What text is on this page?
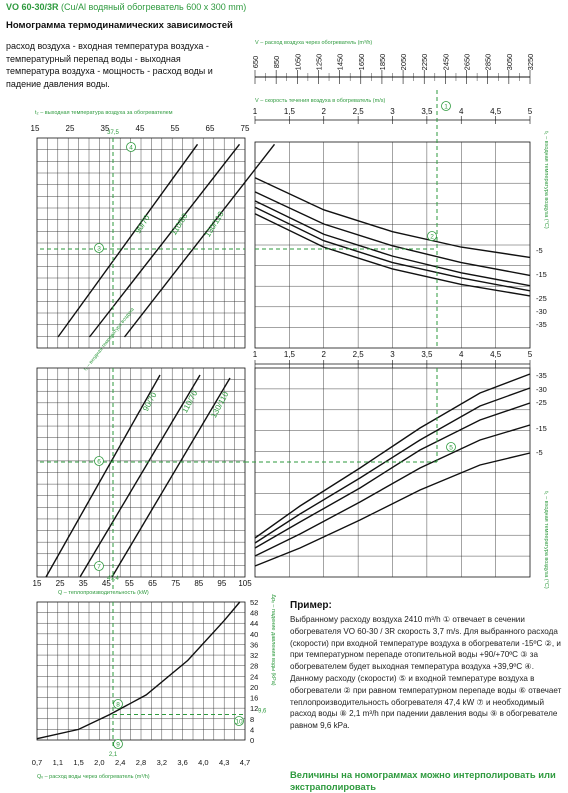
VO 60-30/3R (Cu/Al водяный обогреватель 600 x 300 mm)
Номограмма термодинамических зависимостей
расход воздуха - входная температура воздуха - температурный перепад воды - выходная температура воздуха - мощность - расход воды и падение давления воды.
V – расход воздуха через обогреватель (m³/h)
650 850 1050 1250 1450 1650 1850 2050 2250 2450 2650 2850 3050 3250
V – скорость течения воздуха в обогреватель (m/s)
1	1,5	2	2,5	3	3,5	4	4,5	5
t₂ – выходная температура воздуха за обогревателем
15	25	35	45	55	65	75
90/70 110/80 130/110
t₁ – входная температура воздуха
37,5
-5
-15
-25
-30
-35
t₁ – входная температура воздуха (°C)
1	1,5	2	2,5	3	3,5	4	4,5	5
90/70	110/70 130/110
15 25 35 45 55 65 75 85 95 105
47,4
Q – теплопроизводительность (kW)
-35
-30
-25
-15
-5
t₁ – входная температура воздуха (°C)
52
48
44
40
36
32
28
24
20
16
12
8
4
0
0,7 1,1 1,5 2,0 2,4 2,8 3,2 3,6 4,0 4,3 4,7
Qᵥ – расход воды через обогреватель (m³/h)
Δpᵥ – падение давления воды (kPa)
2,1
9,6
1
3
2
4
5
6
7
8
9
10
Пример:
Выбранному расходу воздуха 2410 m³/h ① отвечает в сечении обогревателя VO 60-30 / 3R скорость 3,7 m/s. Для выбранного расхода (скорости) при входной температуре воздуха в обогреватели -15ºC ②, и при температурном перепаде отопительной воды +90/+70ºC ③ за обогревателем будет выходная температура воздуха +39,9ºC ④. Данному расходу (скорости) ⑤ и входной температуре воздуха в обогреватели ② при равном температурном перепаде воды ⑥ отвечает теплопроизводительность обогревателя 47,4 kW ⑦ и необходимый расход воды ⑧ 2,1 m³/h при падении давления воды ⑨ в обогревателе равном 9,6 kPa.
Величины на номограммах можно интерполировать или экстраполировать
